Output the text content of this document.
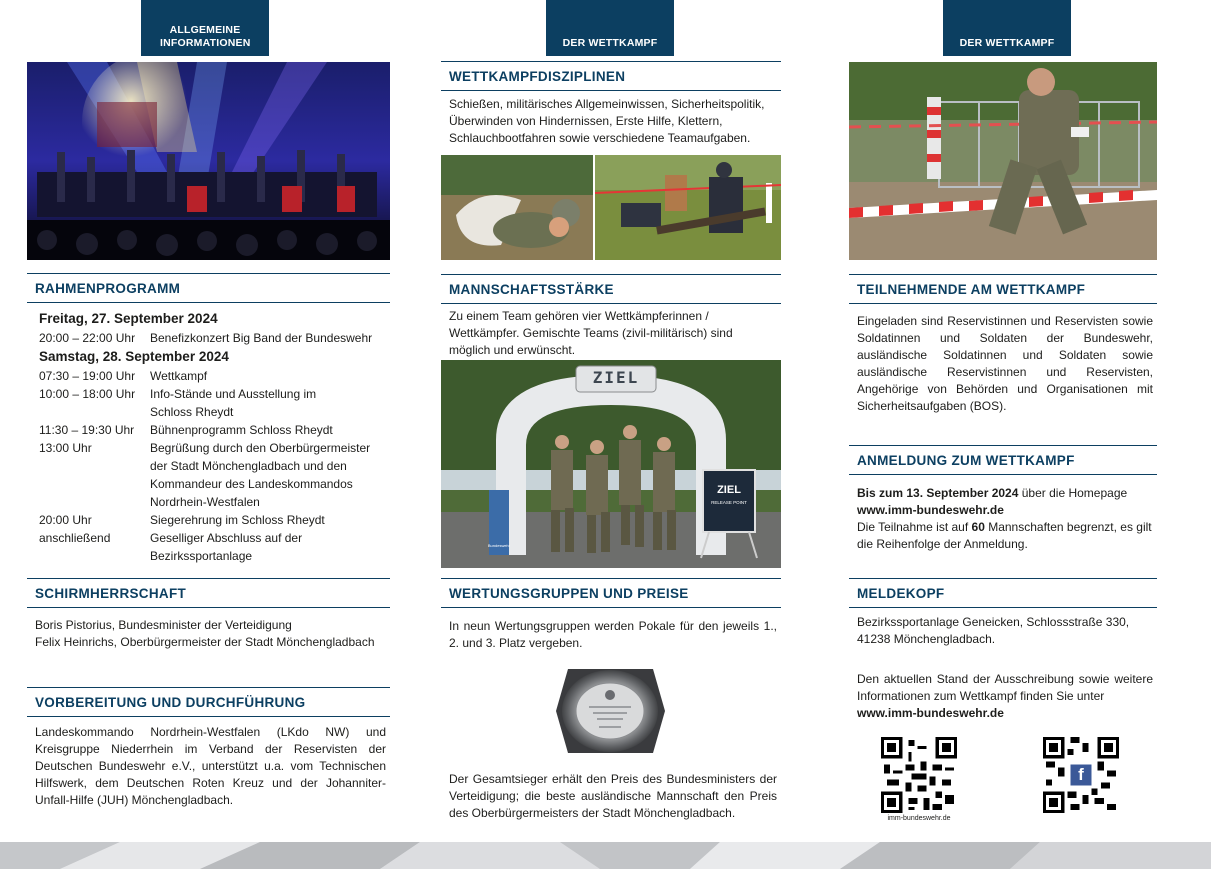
ALLGEMEINE INFORMATIONEN	DER WETTKAMPF	DER WETTKAMPF
RAHMENPROGRAMM
Freitag, 27. September 2024
20:00 – 22:00 Uhr	Benefizkonzert Big Band der Bundeswehr
Samstag, 28. September 2024
07:30 – 19:00 Uhr	Wettkampf
10:00 – 18:00 Uhr	Info-Stände und Ausstellung im Schloss Rheydt
11:30 – 19:30 Uhr	Bühnenprogramm Schloss Rheydt
13:00 Uhr	Begrüßung durch den Oberbürgermeister der Stadt Mönchengladbach und den Kommandeur des Landeskommandos Nordrhein-Westfalen
20:00 Uhr	Siegerehrung im Schloss Rheydt
anschließend	Geselliger Abschluss auf der Bezirkssportanlage
SCHIRMHERRSCHAFT
Boris Pistorius, Bundesminister der Verteidigung
Felix Heinrichs, Oberbürgermeister der Stadt Mönchengladbach
VORBEREITUNG UND DURCHFÜHRUNG
Landeskommando Nordrhein-Westfalen (LKdo NW) und Kreisgruppe Niederrhein im Verband der Reservisten der Deutschen Bundeswehr e.V., unterstützt u.a. vom Technischen Hilfswerk, dem Deutschen Roten Kreuz und der Johanniter-Unfall-Hilfe (JUH) Mönchengladbach.
WETTKAMPFDISZIPLINEN
Schießen, militärisches Allgemeinwissen, Sicherheitspolitik, Überwinden von Hindernissen, Erste Hilfe, Klettern, Schlauchbootfahren sowie verschiedene Teamaufgaben.
MANNSCHAFTSSTÄRKE
Zu einem Team gehören vier Wettkämpferinnen / Wettkämpfer. Gemischte Teams (zivil-militärisch) sind möglich und erwünscht.
ZIEL
ZIEL
RELEASE POINT
Bundeswehr
WERTUNGSGRUPPEN UND PREISE
In neun Wertungsgruppen werden Pokale für den jeweils 1., 2. und 3. Platz vergeben.
Der Gesamtsieger erhält den Preis des Bundesministers der Verteidigung; die beste ausländische Mannschaft den Preis des Oberbürgermeisters der Stadt Mönchengladbach.
TEILNEHMENDE AM WETTKAMPF
Eingeladen sind Reservistinnen und Reservisten sowie Soldatinnen und Soldaten der Bundeswehr, ausländische Soldatinnen und Soldaten sowie ausländische Reservistinnen und Reservisten, Angehörige von Behörden und Organisationen mit Sicherheitsaufgaben (BOS).
ANMELDUNG ZUM WETTKAMPF
Bis zum 13. September 2024 über die Homepage
www.imm-bundeswehr.de
Die Teilnahme ist auf 60 Mannschaften begrenzt, es gilt die Reihenfolge der Anmeldung.
MELDEKOPF
Bezirkssportanlage Geneicken, Schlossstraße 330,
41238 Mönchengladbach.
Den aktuellen Stand der Ausschreibung sowie weitere Informationen zum Wettkampf finden Sie unter
www.imm-bundeswehr.de
imm-bundeswehr.de
f
